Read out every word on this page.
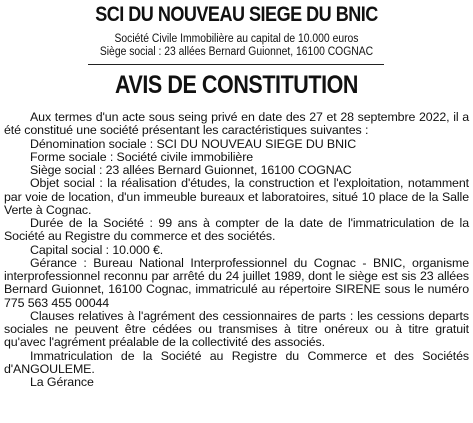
SCI DU NOUVEAU SIEGE DU BNIC
Société Civile Immobilière au capital de 10.000 euros
Siège social : 23 allées Bernard Guionnet, 16100 COGNAC
AVIS DE CONSTITUTION

Aux termes d'un acte sous seing privé en date des 27 et 28 septembre 2022, il a été constitué une société présentant les caractéristiques suivantes :

Dénomination sociale : SCI DU NOUVEAU SIEGE DU BNIC

Forme sociale : Société civile immobilière

Siège social : 23 allées Bernard Guionnet, 16100 COGNAC

Objet social : la réalisation d'études, la construction et l'exploitation, notamment par voie de location, d'un immeuble bureaux et laboratoires, situé 10 place de la Salle Verte à Cognac.

Durée de la Société : 99 ans à compter de la date de l'immatriculation de la Société au Registre du commerce et des sociétés.

Capital social : 10.000 €.

Gérance : Bureau National Interprofessionnel du Cognac - BNIC, organisme interprofessionnel reconnu par arrêté du 24 juillet 1989, dont le siège est sis 23 allées Bernard Guionnet, 16100 Cognac, immatriculé au répertoire SIRENE sous le numéro 775 563 455 00044

Clauses relatives à l'agrément des cessionnaires de parts : les cessions departs sociales ne peuvent être cédées ou transmises à titre onéreux ou à titre gratuit qu'avec l'agrément préalable de la collectivité des associés.

Immatriculation de la Société au Registre du Commerce et des Sociétés d'ANGOULEME.

La Gérance
